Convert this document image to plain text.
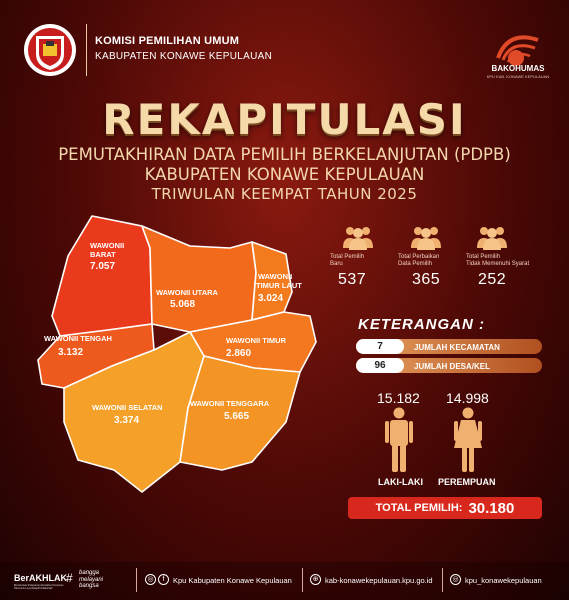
KOMISI PEMILIHAN UMUM
KABUPATEN KONAWE KEPULAUAN
BAKOHUMAS
KPU KAB. KONAWE KEPULAUAN
REKAPITULASI
PEMUTAKHIRAN DATA PEMILIH BERKELANJUTAN (PDPB)
KABUPATEN KONAWE KEPULAUAN
TRIWULAN KEEMPAT TAHUN 2025
WAWONII
BARAT
7.057
WAWONII UTARA
5.068
WAWONII
TIMUR LAUT
3.024
WAWONII TENGAH
3.132
WAWONII TIMUR
2.860
WAWONII SELATAN
3.374
WAWONII TENGGARA
5.665
Total Pemilih
Baru
537
Total Perbaikan
Data Pemilih
365
Total Pemilih
Tidak Memenuhi Syarat
252
KETERANGAN :
7	JUMLAH KECAMATAN
96	JUMLAH DESA/KEL
15.182
LAKI-LAKI
14.998
PEREMPUAN
TOTAL PEMILIH: 30.180
BerAKHLAK
Berorientasi Pelayanan Akuntabel Kompeten Harmonis Loyal Adaptif Kolaboratif
# bangga
melayani
bangsa
◎	f	Kpu Kabupaten Konawe Kepulauan	⊕ kab-konawekepulauan.kpu.go.id	◎ kpu_konawekepulauan
